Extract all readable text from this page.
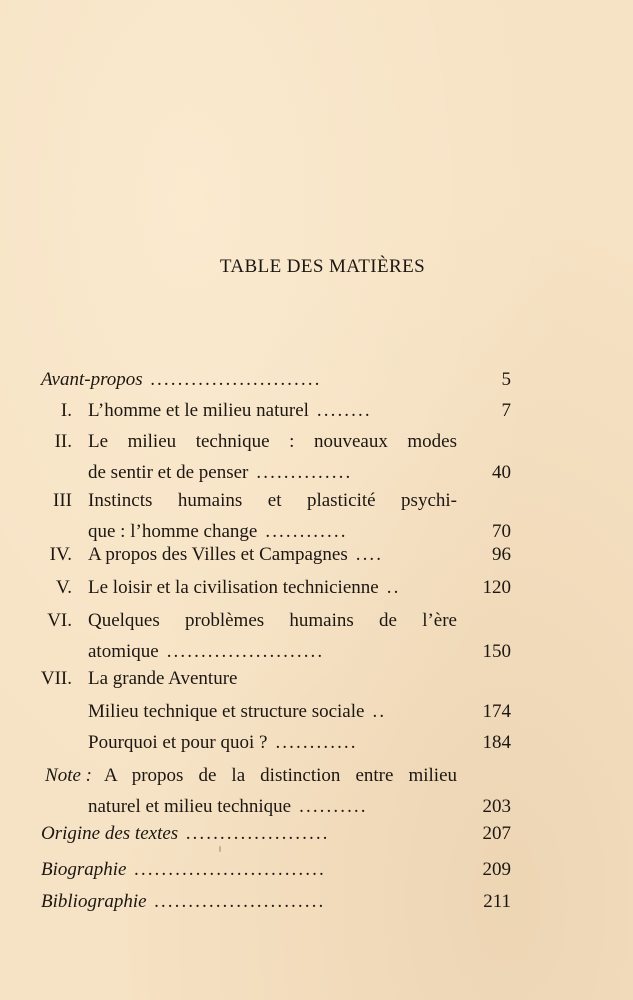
TABLE DES MATIÈRES
Avant-propos .........................	5
I. L’homme et le milieu naturel ........	7
II. Le milieu technique : nouveaux modes
de sentir et de penser ..............	40
III Instincts humains et plasticité psychi-
que : l’homme change ............	70
IV. A propos des Villes et Campagnes ....	96
V. Le loisir et la civilisation technicienne ..	120
VI. Quelques problèmes humains de l’ère
atomique .......................	150
VII. La grande Aventure
Milieu technique et structure sociale ..	174
Pourquoi et pour quoi ? ............	184
Note : A propos de la distinction entre milieu
naturel et milieu technique ..........	203
Origine des textes .....................	207
Biographie ............................	209
Bibliographie .........................	211
